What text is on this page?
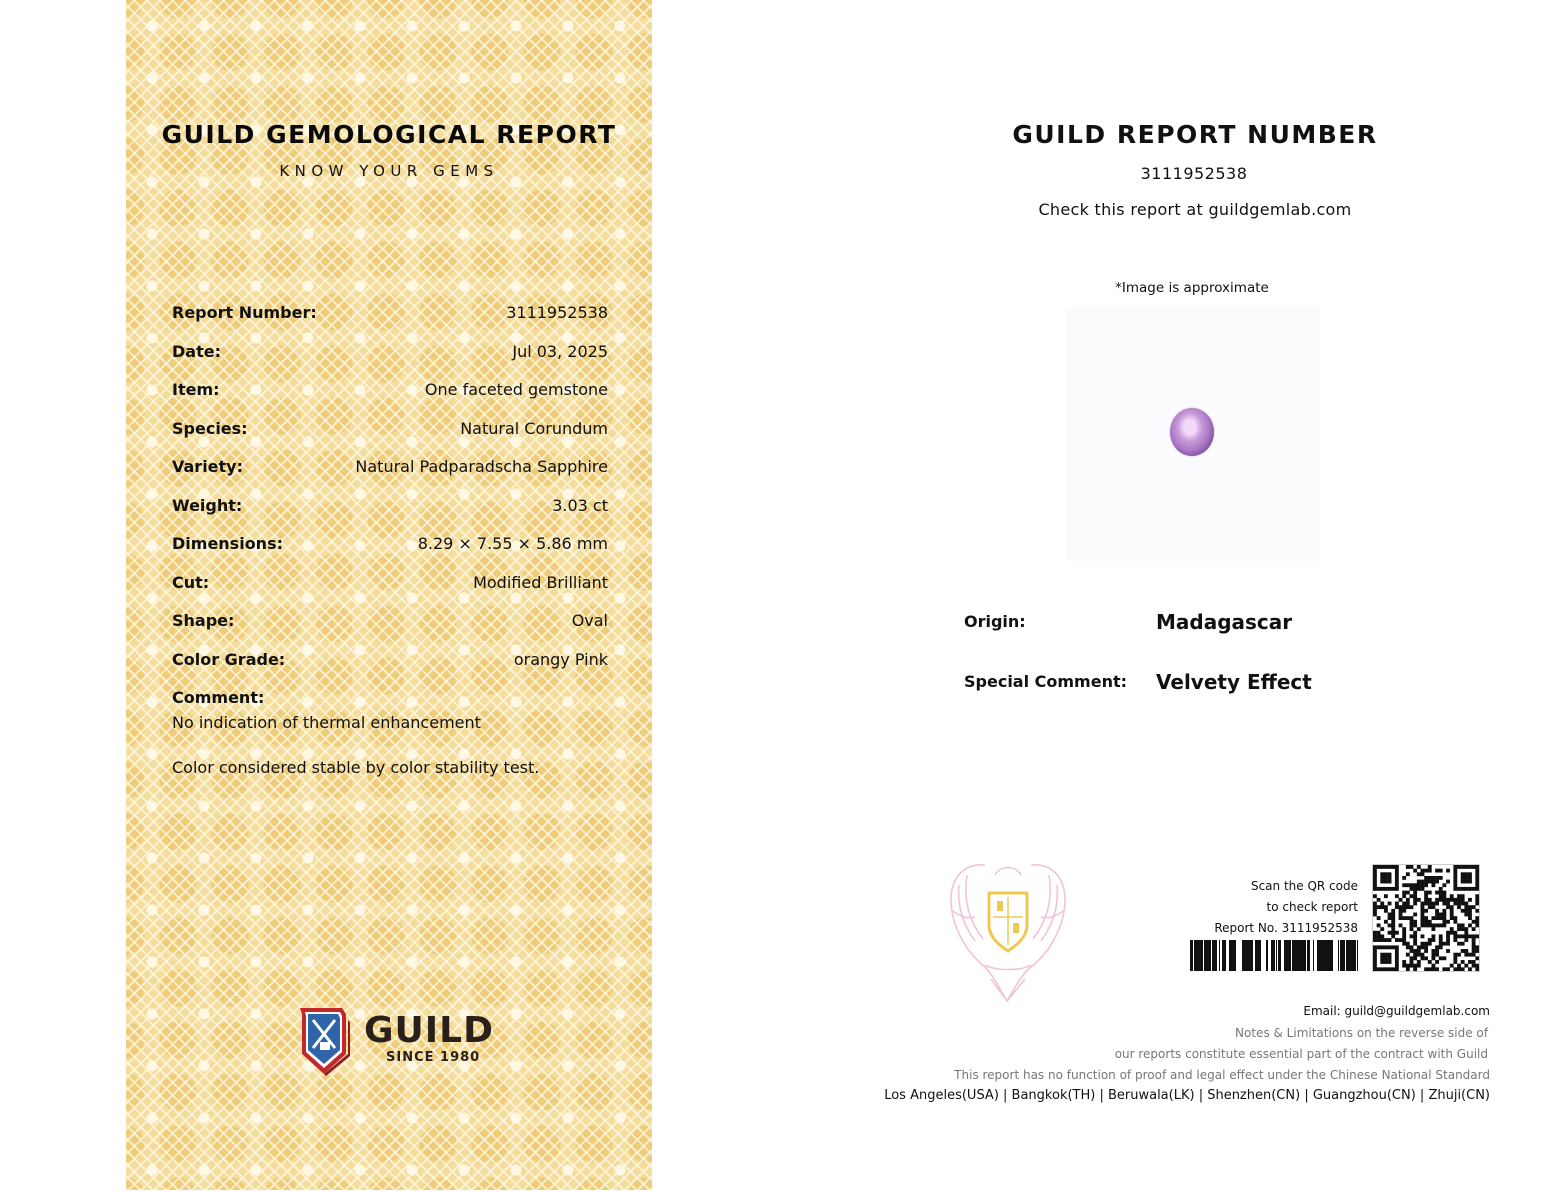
GUILD GEMOLOGICAL REPORT
KNOW YOUR GEMS
Report Number:	3111952538
Date:	Jul 03, 2025
Item:	One faceted gemstone
Species:	Natural Corundum
Variety:	Natural Padparadscha Sapphire
Weight:	3.03 ct
Dimensions:	8.29 × 7.55 × 5.86 mm
Cut:	Modified Brilliant
Shape:	Oval
Color Grade:	orangy Pink
Comment:
No indication of thermal enhancement
Color considered stable by color stability test.
GUILD
SINCE 1980
GUILD REPORT NUMBER
3111952538
Check this report at guildgemlab.com
*Image is approximate
Origin:	Madagascar
Special Comment: Velvety Effect
Scan the QR code
to check report
Report No. 3111952538
Email: guild@guildgemlab.com
Notes & Limitations on the reverse side of
our reports constitute essential part of the contract with Guild
This report has no function of proof and legal effect under the Chinese National Standard
Los Angeles(USA) | Bangkok(TH) | Beruwala(LK) | Shenzhen(CN) | Guangzhou(CN) | Zhuji(CN)
